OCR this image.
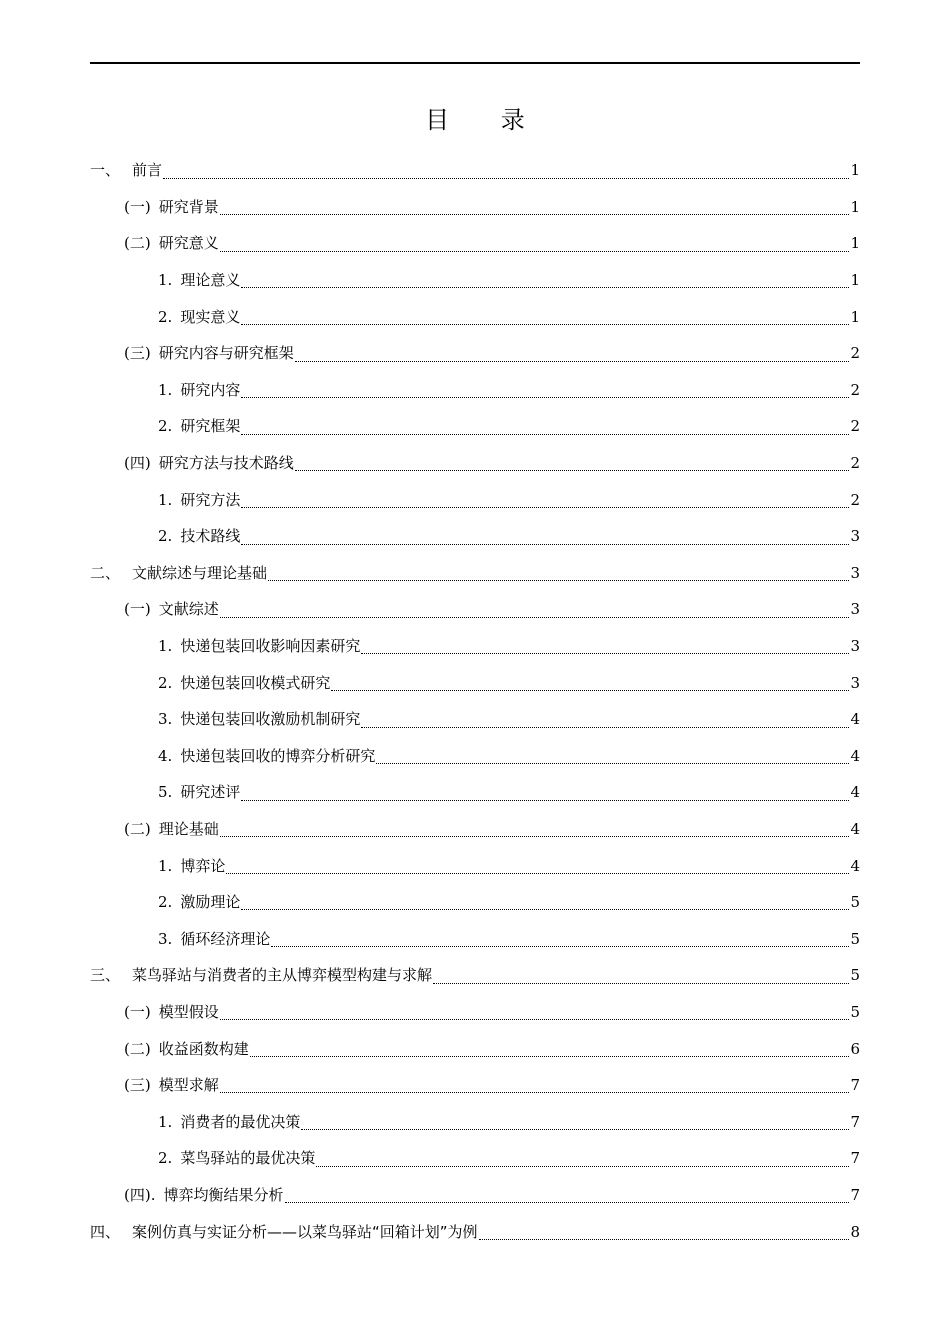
目 录
一、 前言	1
(一) 研究背景	1
(二) 研究意义	1
1. 理论意义	1
2. 现实意义	1
(三) 研究内容与研究框架	2
1. 研究内容	2
2. 研究框架	2
(四) 研究方法与技术路线	2
1. 研究方法	2
2. 技术路线	3
二、 文献综述与理论基础	3
(一) 文献综述	3
1. 快递包装回收影响因素研究	3
2. 快递包装回收模式研究	3
3. 快递包装回收激励机制研究	4
4. 快递包装回收的博弈分析研究	4
5. 研究述评	4
(二) 理论基础	4
1. 博弈论	4
2. 激励理论	5
3. 循环经济理论	5
三、 菜鸟驿站与消费者的主从博弈模型构建与求解	5
(一) 模型假设	5
(二) 收益函数构建	6
(三) 模型求解	7
1. 消费者的最优决策	7
2. 菜鸟驿站的最优决策	7
(四). 博弈均衡结果分析	7
四、 案例仿真与实证分析——以菜鸟驿站“回箱计划”为例	8
